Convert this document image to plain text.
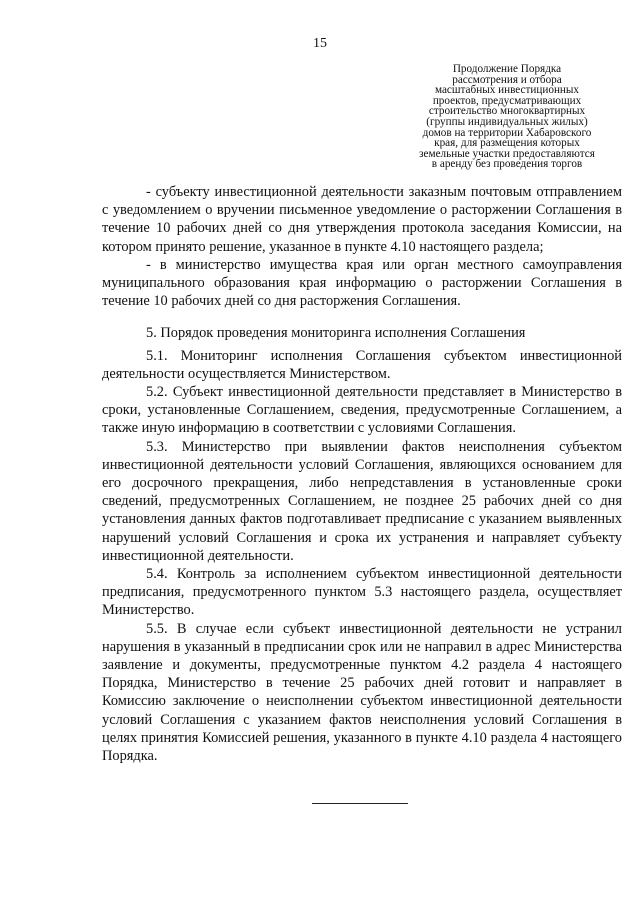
15
Продолжение Порядка
рассмотрения и отбора
масштабных инвестиционных
проектов, предусматривающих
строительство многоквартирных
(группы индивидуальных жилых)
домов на территории Хабаровского
края, для размещения которых
земельные участки предоставляются
в аренду без проведения торгов

- субъекту инвестиционной деятельности заказным почтовым отправлением с уведомлением о вручении письменное уведомление о расторжении Соглашения в течение 10 рабочих дней со дня утверждения протокола заседания Комиссии, на котором принято решение, указанное в пункте 4.10 настоящего раздела;

- в министерство имущества края или орган местного самоуправления муниципального образования края информацию о расторжении Соглашения в течение 10 рабочих дней со дня расторжения Соглашения.

5. Порядок проведения мониторинга исполнения Соглашения

5.1. Мониторинг исполнения Соглашения субъектом инвестиционной деятельности осуществляется Министерством.

5.2. Субъект инвестиционной деятельности представляет в Министерство в сроки, установленные Соглашением, сведения, предусмотренные Соглашением, а также иную информацию в соответствии с условиями Соглашения.

5.3. Министерство при выявлении фактов неисполнения субъектом инвестиционной деятельности условий Соглашения, являющихся основанием для его досрочного прекращения, либо непредставления в установленные сроки сведений, предусмотренных Соглашением, не позднее 25 рабочих дней со дня установления данных фактов подготавливает предписание с указанием выявленных нарушений условий Соглашения и срока их устранения и направляет субъекту инвестиционной деятельности.

5.4. Контроль за исполнением субъектом инвестиционной деятельности предписания, предусмотренного пунктом 5.3 настоящего раздела, осуществляет Министерство.

5.5. В случае если субъект инвестиционной деятельности не устранил нарушения в указанный в предписании срок или не направил в адрес Министерства заявление и документы, предусмотренные пунктом 4.2 раздела 4 настоящего Порядка, Министерство в течение 25 рабочих дней готовит и направляет в Комиссию заключение о неисполнении субъектом инвестиционной деятельности условий Соглашения с указанием фактов неисполнения условий Соглашения в целях принятия Комиссией решения, указанного в пункте 4.10 раздела 4 настоящего Порядка.
